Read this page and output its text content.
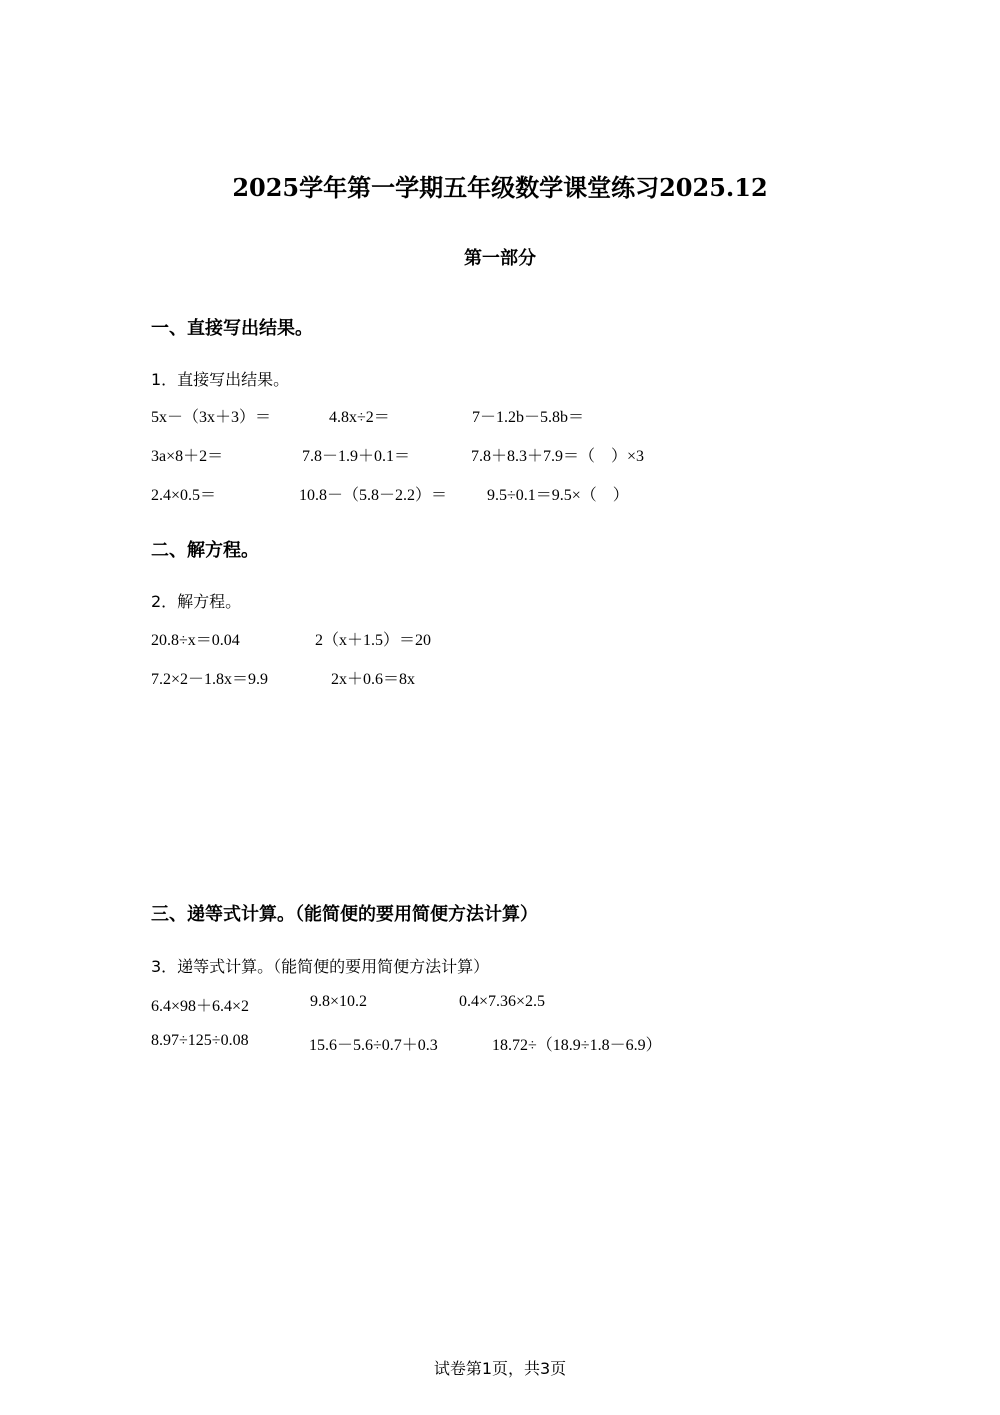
2025学年第一学期五年级数学课堂练习2025.12
第一部分
一、直接写出结果。
1．直接写出结果。
5x－（3x＋3）＝	4.8x÷2＝	7－1.2b－5.8b＝
3a×8＋2＝	7.8－1.9＋0.1＝	7.8＋8.3＋7.9＝（　）×3
2.4×0.5＝	10.8－（5.8－2.2）＝ 9.5÷0.1＝9.5×（　）
二、解方程。
2．解方程。
20.8÷x＝0.04	2（x＋1.5）＝20
7.2×2－1.8x＝9.9	2x＋0.6＝8x
三、递等式计算。（能简便的要用简便方法计算）
3．递等式计算。（能简便的要用简便方法计算）
6.4×98＋6.4×2	9.8×10.2	0.4×7.36×2.5
8.97÷125÷0.08	15.6－5.6÷0.7＋0.3	18.72÷（18.9÷1.8－6.9）
试卷第1页，共3页
